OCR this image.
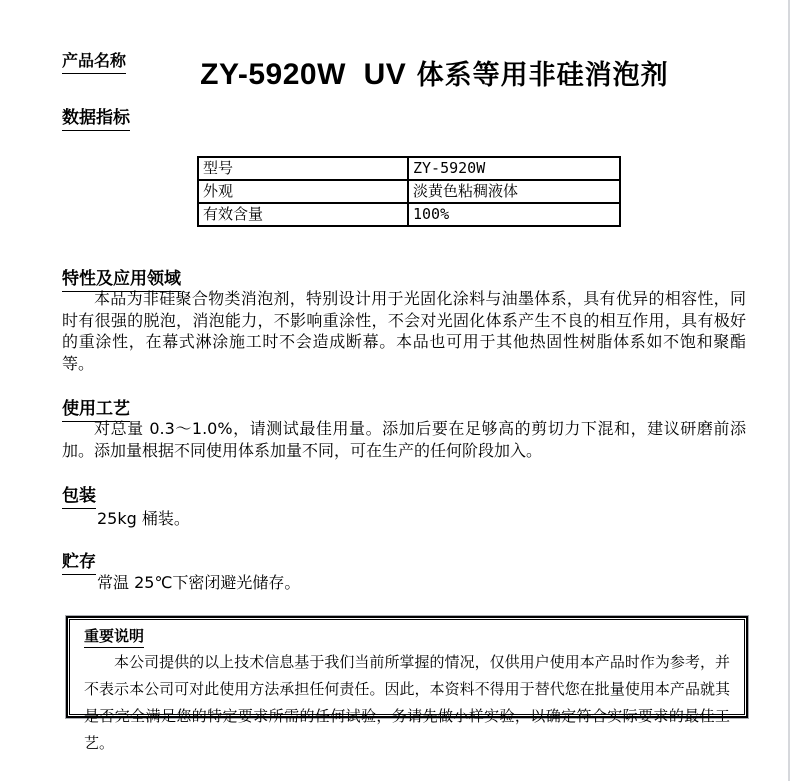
产品名称	ZY-5920W  UV 体系等用非硅消泡剂

数据指标
型号	ZY-5920W
外观	淡黄色粘稠液体
有效含量	100%
特性及应用领域

本品为非硅聚合物类消泡剂，特别设计用于光固化涂料与油墨体系，具有优异的相容性，同时有很强的脱泡，消泡能力，不影响重涂性，不会对光固化体系产生不良的相互作用，具有极好的重涂性，在幕式淋涂施工时不会造成断幕。本品也可用于其他热固性树脂体系如不饱和聚酯等。

使用工艺

对总量 0.3～1.0%，请测试最佳用量。添加后要在足够高的剪切力下混和，建议研磨前添加。添加量根据不同使用体系加量不同，可在生产的任何阶段加入。

包装
25kg 桶装。
贮存
常温 25℃下密闭避光储存。
重要说明

本公司提供的以上技术信息基于我们当前所掌握的情况，仅供用户使用本产品时作为参考，并不表示本公司可对此使用方法承担任何责任。因此，本资料不得用于替代您在批量使用本产品就其是否完全满足您的特定要求所需的任何试验，务请先做小样实验，以确定符合实际要求的最佳工艺。
